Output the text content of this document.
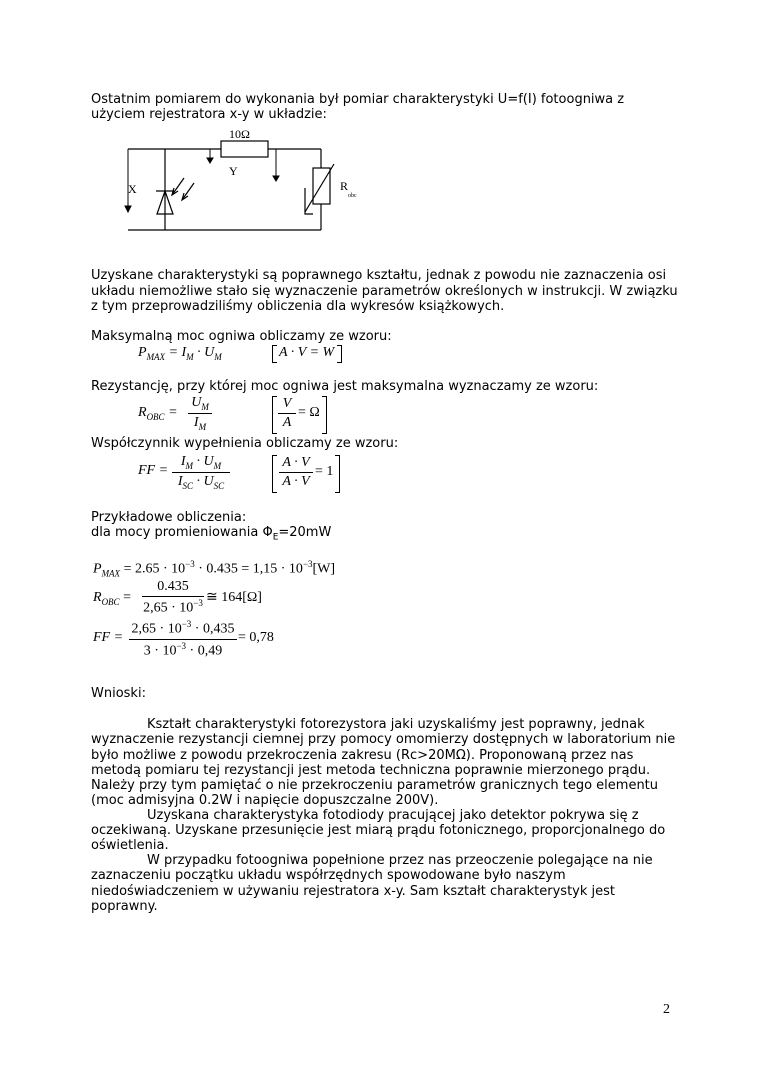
Ostatnim pomiarem do wykonania był pomiar charakterystyki U=f(I) fotoogniwa z
użyciem rejestratora x-y w układzie:
10Ω
Y
X	R
obc
Uzyskane charakterystyki są poprawnego kształtu, jednak z powodu nie zaznaczenia osi
układu niemożliwe stało się wyznaczenie parametrów określonych w instrukcji. W związku
z tym przeprowadziliśmy obliczenia dla wykresów książkowych.
Maksymalną moc ogniwa obliczamy ze wzoru:
$P_{MAX} = I_M \cdot U_M$	A · V = W
Rezystancję, przy której moc ogniwa jest maksymalna wyznaczamy ze wzoru:
$R_{OBC}$ =
$U_M$
$I_M$
V
A
= Ω
Współczynnik wypełnienia obliczamy ze wzoru:
FF =
$I_M \cdot U_M$
$I_{SC} \cdot U_{SC}$
A · V
A · V
= 1
Przykładowe obliczenia:
dla mocy promieniowania $\Phi_E=20mW$
$P_{MAX} = 2.65 \cdot 10^{-3} \cdot 0.435 = 1,15 \cdot 10^{-3}[W]$
$R_{OBC}$ =
0.435
$2,65 \cdot 10^{-3}$ ≅ 164[Ω]
FF =
$2,65 \cdot 10^{-3} \cdot 0,435$
$3 \cdot 10^{-3} \cdot 0,49$
= 0,78
Wnioski:
Kształt charakterystyki fotorezystora jaki uzyskaliśmy jest poprawny, jednak
wyznaczenie rezystancji ciemnej przy pomocy omomierzy dostępnych w laboratorium nie
było możliwe z powodu przekroczenia zakresu (Rc>20MΩ). Proponowaną przez nas
metodą pomiaru tej rezystancji jest metoda techniczna poprawnie mierzonego prądu.
Należy przy tym pamiętać o nie przekroczeniu parametrów granicznych tego elementu
(moc admisyjna 0.2W i napięcie dopuszczalne 200V).
Uzyskana charakterystyka fotodiody pracującej jako detektor pokrywa się z
oczekiwaną. Uzyskane przesunięcie jest miarą prądu fotonicznego, proporcjonalnego do
oświetlenia.
W przypadku fotoogniwa popełnione przez nas przeoczenie polegające na nie
zaznaczeniu początku układu współrzędnych spowodowane było naszym
niedoświadczeniem w używaniu rejestratora x-y. Sam kształt charakterystyk jest
poprawny.
2
